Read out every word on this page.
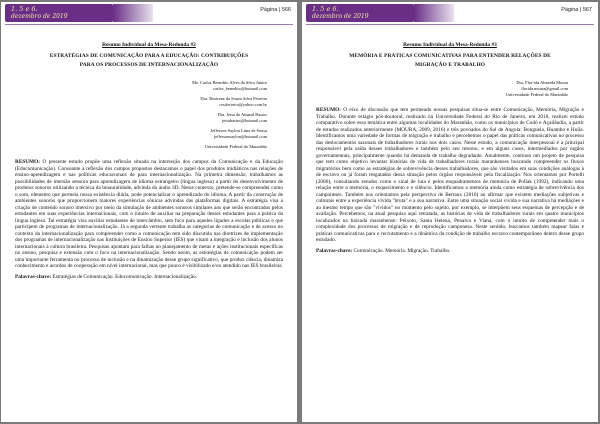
1. 5 e 6.
dezembro de 2019
Página | 566
Resumo Individual da Mesa-Redonda #2
ESTRATÉGIAS DE COMUNICAÇÃO PARA A EDUCAÇÃO: CONTRIBUIÇÕES
PARA OS PROCESSOS DE INTERNACIONALIZAÇÃO
Me. Carlos Benedito Alves da Silva Júnior
carlos_benedito@hotmail.com
Dra. Rosirene da Souza Silva Ferreira
rosiferreira@yahoo.com.br
Dra. Jeisa de Amaral Bastos
jeisabastos@hotmail.com
Jefferson Saylon Lima de Sousa
jeffersonsaylon@hotmail.com
Universidade Federal do Maranhão
RESUMO: O presente estudo propõe uma reflexão situada na interseção dos campos da Comunicação e da Educação (Educomunicação). Consoante a reflexão dos campos propostos destacamos o papel dos produtos midiáticos nas relações de ensino-aprendizagem e nas políticas educacionais de para internacionalização. Na primeira dimensão, trabalhamos as possibilidades de imersão sensora para aprendizagem de idioma estrangeiro (língua inglesa) a partir do desenvolvimento de produtos sonoros utilizando a técnica da binauralidade, advinda do áudio 3D. Nesse contexto, pretende-se compreender como o som, elemento que permeia nossa existência diária, pode potencializar o aprendizado do idioma. A partir da construção de ambientes sonoros que proporcionem maiores experiências sônicas advindas das plataformas digitais. A estratégia visa a criação de conteúdo sonoro imersivo por meio da simulação de ambientes sonoros similares aos que serão encontrados pelos estudantes em suas experiências internacionais, com o intuito de auxiliar na preparação desses estudantes para a prática da língua inglesa. Tal estratégia visa auxiliar estudantes de intercâmbio, sem foco para aqueles ligados a escolas públicas e que participem de programas de internacionalização. Já a segunda vertente trabalha as categorias de comunicação e de acesso no contexto da internacionalização para compreender como a comunicação tem sido discutida nas diretrizes de implementação dos programas de internacionalização nas Instituições de Ensino Superior (IES) que visam a integração e inclusão dos alunos internacionais à cultura brasileira. Pesquisas apontam para falhas no planejamento de metas e ações institucionais específicas no ensino, pesquisa e extensão com o foco na internacionalização. Sendo assim, as estratégias de comunicação podem ser uma importante ferramenta no processo de inclusão e na dinamização desse grupo significativo, que produz ciência, dinamiza conhecimento e acordos de cooperação em nível internacional, mas que pouco é visibilizado e/ou atendido nas IES brasileiras.
Palavras-chave: Estratégias de Comunicação. Educomunicação. Internacionalização.
1. 5 e 6.
dezembro de 2019
Página | 567
Resumo Individual da Mesa-Redonda #3
MEMÓRIA E PRÁTICAS COMUNICATIVAS PARA ENTENDER RELAÇÕES DE
MIGRAÇÃO E TRABALHO
Dra. Flor-ida Almeida Moura
florida.moura@gmail.com
Universidade Federal do Maranhão
RESUMO: O eixo de discussão que tem permeado nossas pesquisas situa-se entre Comunicação, Memória, Migração e Trabalho. Durante estágio pós-doutoral, realizado na Universidade Federal do Rio de Janeiro, em 2018, realizei estudo comparativo sobre essa temática entre algumas localidades do Maranhão, como os municípios de Codó e Açailândia, a partir de estudos realizados anteriormente (MOURA, 2009, 2016) e três povoados do Sul de Angola: Bonguela, Huambo e Huíla. Identificamos uma variedade de formas de migração e trabalho e percebemos o papel das práticas comunicativas no processo das deslocamentos sazonais de trabalhadores rurais nos dois casos. Neste estudo, a comunicação interpessoal é a principal responsável pela saída desses trabalhadores e também pelo seu retorno, e em alguns casos, intermediados por órgãos governamentais, principalmente quando há demanda de trabalho degradante. Atualmente, continuo um projeto de pesquisa que tem como objetivo levantar histórias de vida de trabalhadores rurais maranhenses buscando compreender os fluxos migratórios bem como as estratégias de sobrevivência desses trabalhadores, que são visitados em suas condições análogas à de escravo ou já foram resgatados dessa situação pelos órgãos responsáveis pela fiscalização. Nos orientamos por Portelli (2000), consultando estudos como o sinal de luta e pelos enquadramentos de memória de Pollak (1992), indicando uma relação entre a memória, o esquecimento e o silêncio. Identificamos a memória ainda como estratégia de sobrevivência dos camponeses. Também nos orientamos pela perspectiva de Bertaux (2010) ao afirmar que existem mediações subjetivas e culturais entre a experiência vivida "bruta" e a sua narrativa. Entre uma situação social vivida e sua narrativa há mediações e ao mesmo tempo que são "vividos" no momento pelo sujeito, por exemplo, se interpõem seus esquemas de percepção e de avaliação. Percebemos, na atual pesquisa aqui retratada, as histórias de vida de trabalhadores rurais em quatro municípios localizados na baixada maranhense: Peixoto, Santa Helena, Penalva e Viana, com o intuito de compreender mais o complexidade dos processos de migração e de reprodução camponesa. Neste sentido, buscamos também mapear falas e práticas comunicativas para o recrutamento e a dinâmica da condição de trabalho escravo contemporâneo dentro desse grupo estudado.
Palavras-chave: Comunicação. Memória. Migração. Trabalho.
